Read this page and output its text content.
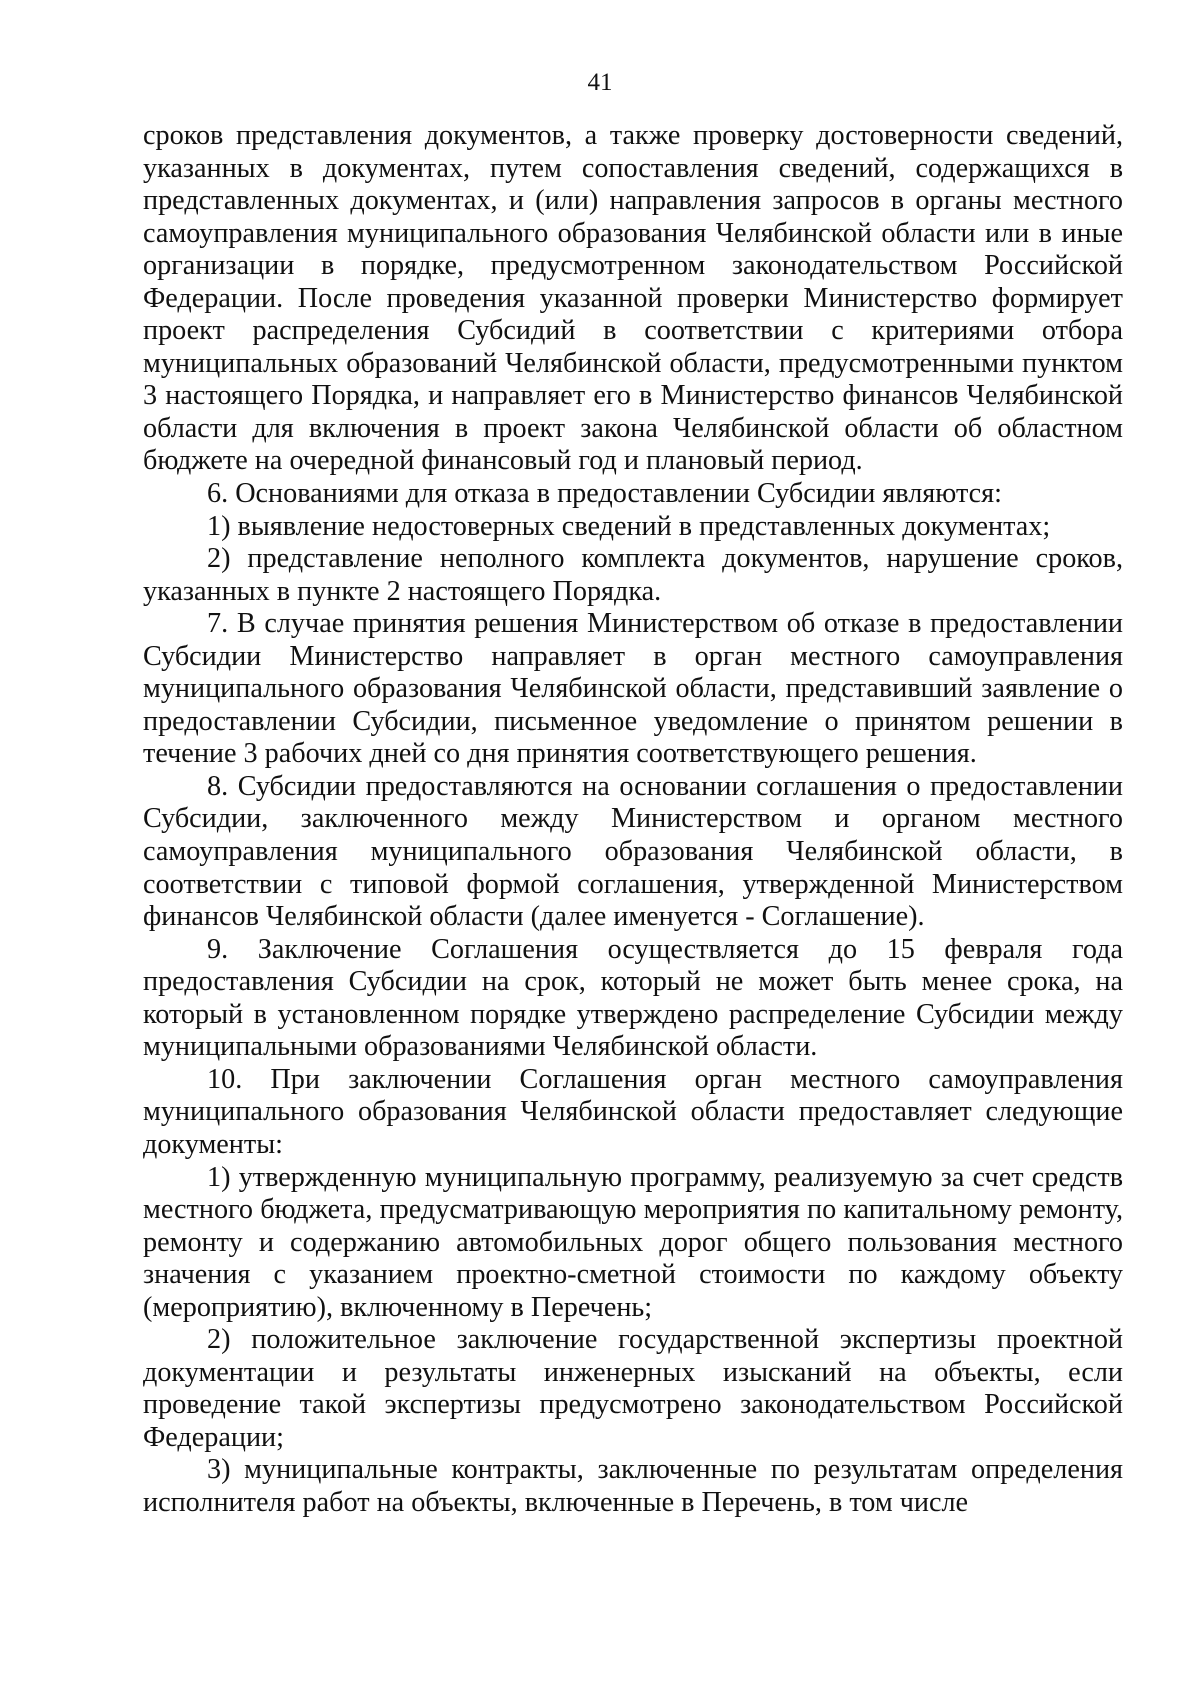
41

сроков представления документов, а также проверку достоверности сведений, указанных в документах, путем сопоставления сведений, содержащихся в представленных документах, и (или) направления запросов в органы местного самоуправления муниципального образования Челябинской области или в иные организации в порядке, предусмотренном законодательством Российской Федерации. После проведения указанной проверки Министерство формирует проект распределения Субсидий в соответствии с критериями отбора муниципальных образований Челябинской области, предусмотренными пунктом 3 настоящего Порядка, и направляет его в Министерство финансов Челябинской области для включения в проект закона Челябинской области об областном бюджете на очередной финансовый год и плановый период.

6. Основаниями для отказа в предоставлении Субсидии являются:

1) выявление недостоверных сведений в представленных документах;

2) представление неполного комплекта документов, нарушение сроков, указанных в пункте 2 настоящего Порядка.

7. В случае принятия решения Министерством об отказе в предоставлении Субсидии Министерство направляет в орган местного самоуправления муниципального образования Челябинской области, представивший заявление о предоставлении Субсидии, письменное уведомление о принятом решении в течение 3 рабочих дней со дня принятия соответствующего решения.

8. Субсидии предоставляются на основании соглашения о предоставлении Субсидии, заключенного между Министерством и органом местного самоуправления муниципального образования Челябинской области, в соответствии с типовой формой соглашения, утвержденной Министерством финансов Челябинской области (далее именуется - Соглашение).

9. Заключение Соглашения осуществляется до 15 февраля года предоставления Субсидии на срок, который не может быть менее срока, на который в установленном порядке утверждено распределение Субсидии между муниципальными образованиями Челябинской области.

10. При заключении Соглашения орган местного самоуправления муниципального образования Челябинской области предоставляет следующие документы:

1) утвержденную муниципальную программу, реализуемую за счет средств местного бюджета, предусматривающую мероприятия по капитальному ремонту, ремонту и содержанию автомобильных дорог общего пользования местного значения с указанием проектно-сметной стоимости по каждому объекту (мероприятию), включенному в Перечень;

2) положительное заключение государственной экспертизы проектной документации и результаты инженерных изысканий на объекты, если проведение такой экспертизы предусмотрено законодательством Российской Федерации;

3) муниципальные контракты, заключенные по результатам определения исполнителя работ на объекты, включенные в Перечень, в том числе
